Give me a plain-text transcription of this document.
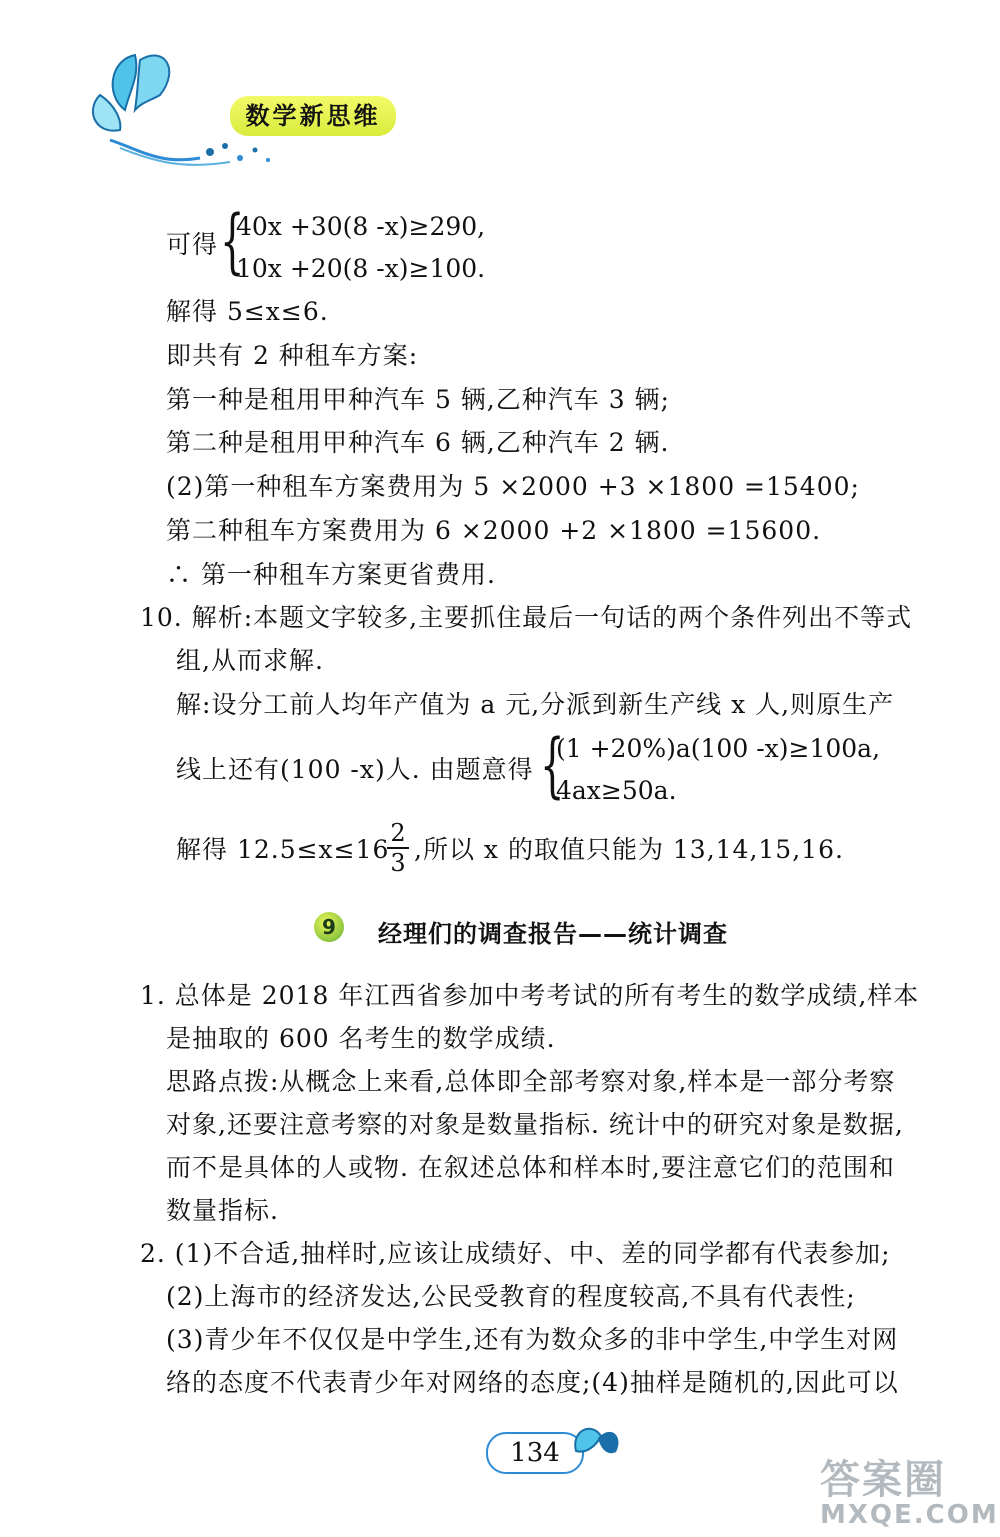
数学新思维
可得 {
40x +30(8 -x)≥290,
10x +20(8 -x)≥100.
解得 5≤x≤6.
即共有 2 种租车方案:
第一种是租用甲种汽车 5 辆,乙种汽车 3 辆;
第二种是租用甲种汽车 6 辆,乙种汽车 2 辆.
(2)第一种租车方案费用为 5 ×2000 +3 ×1800 =15400;
第二种租车方案费用为 6 ×2000 +2 ×1800 =15600.
∴ 第一种租车方案更省费用.
10. 解析:本题文字较多,主要抓住最后一句话的两个条件列出不等式
组,从而求解.
解:设分工前人均年产值为 a 元,分派到新生产线 x 人,则原生产
线上还有(100 -x)人. 由题意得 {
(1 +20%)a(100 -x)≥100a,
4ax≥50a.
解得 12.5≤x≤16
2
3 ,所以 x 的取值只能为 13,14,15,16.
9	经理们的调查报告——统计调查
1. 总体是 2018 年江西省参加中考考试的所有考生的数学成绩,样本
是抽取的 600 名考生的数学成绩.
思路点拨:从概念上来看,总体即全部考察对象,样本是一部分考察
对象,还要注意考察的对象是数量指标. 统计中的研究对象是数据,
而不是具体的人或物. 在叙述总体和样本时,要注意它们的范围和
数量指标.
2. (1)不合适,抽样时,应该让成绩好、中、差的同学都有代表参加;
(2)上海市的经济发达,公民受教育的程度较高,不具有代表性;
(3)青少年不仅仅是中学生,还有为数众多的非中学生,中学生对网
络的态度不代表青少年对网络的态度;(4)抽样是随机的,因此可以
134
答案圈
MXQE.COM
